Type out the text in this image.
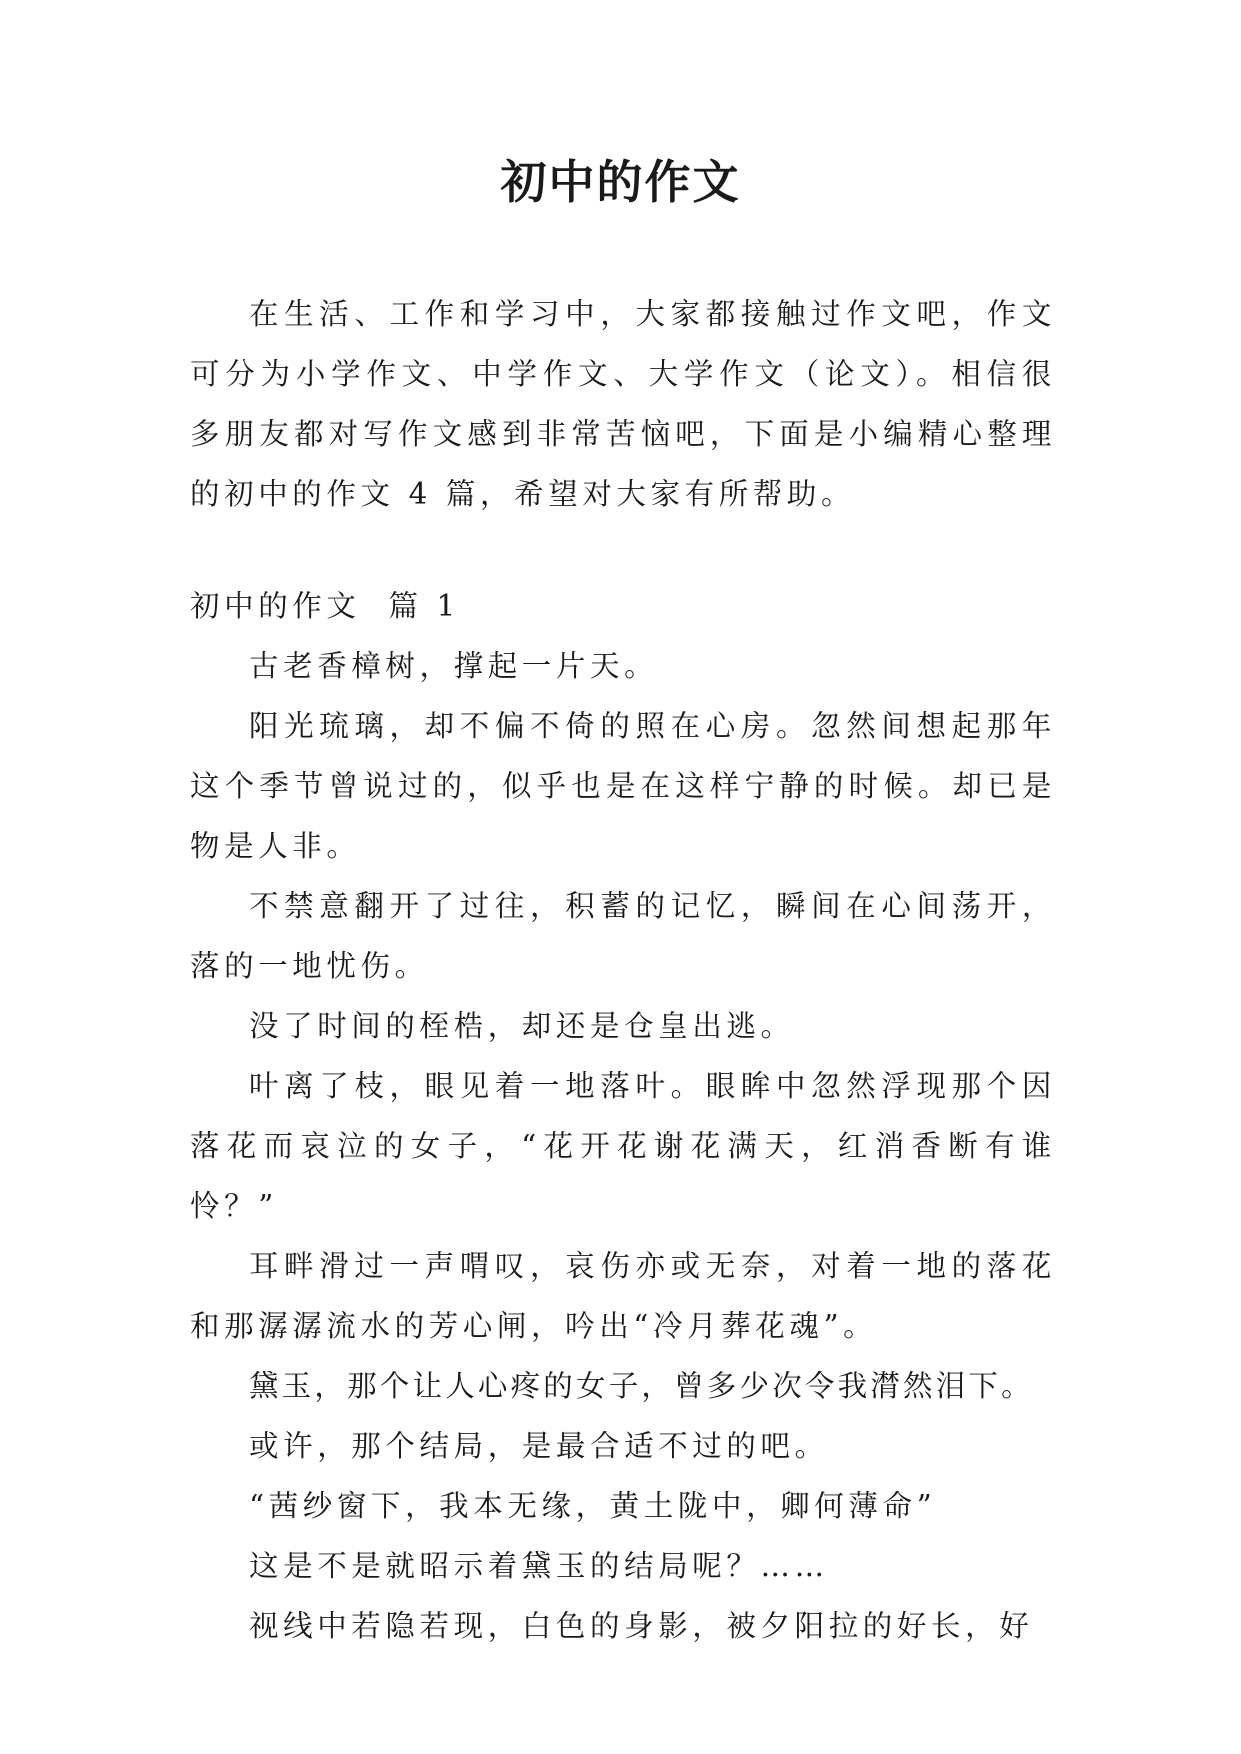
初中的作文

在生活、工作和学习中，大家都接触过作文吧，作文可分为小学作文、中学作文、大学作文（论文）。相信很多朋友都对写作文感到非常苦恼吧，下面是小编精心整理的初中的作文 4 篇，希望对大家有所帮助。

初中的作文  篇 1

古老香樟树，撑起一片天。

阳光琉璃，却不偏不倚的照在心房。忽然间想起那年这个季节曾说过的，似乎也是在这样宁静的时候。却已是物是人非。

不禁意翻开了过往，积蓄的记忆，瞬间在心间荡开，落的一地忧伤。

没了时间的桎梏，却还是仓皇出逃。

叶离了枝，眼见着一地落叶。眼眸中忽然浮现那个因落花而哀泣的女子，“花开花谢花满天，红消香断有谁怜？”

耳畔滑过一声喟叹，哀伤亦或无奈，对着一地的落花和那潺潺流水的芳心闸，吟出“冷月葬花魂”。

黛玉，那个让人心疼的女子，曾多少次令我潸然泪下。

或许，那个结局，是最合适不过的吧。

“茜纱窗下，我本无缘，黄土陇中，卿何薄命”

这是不是就昭示着黛玉的结局呢？……

视线中若隐若现，白色的身影，被夕阳拉的好长，好
